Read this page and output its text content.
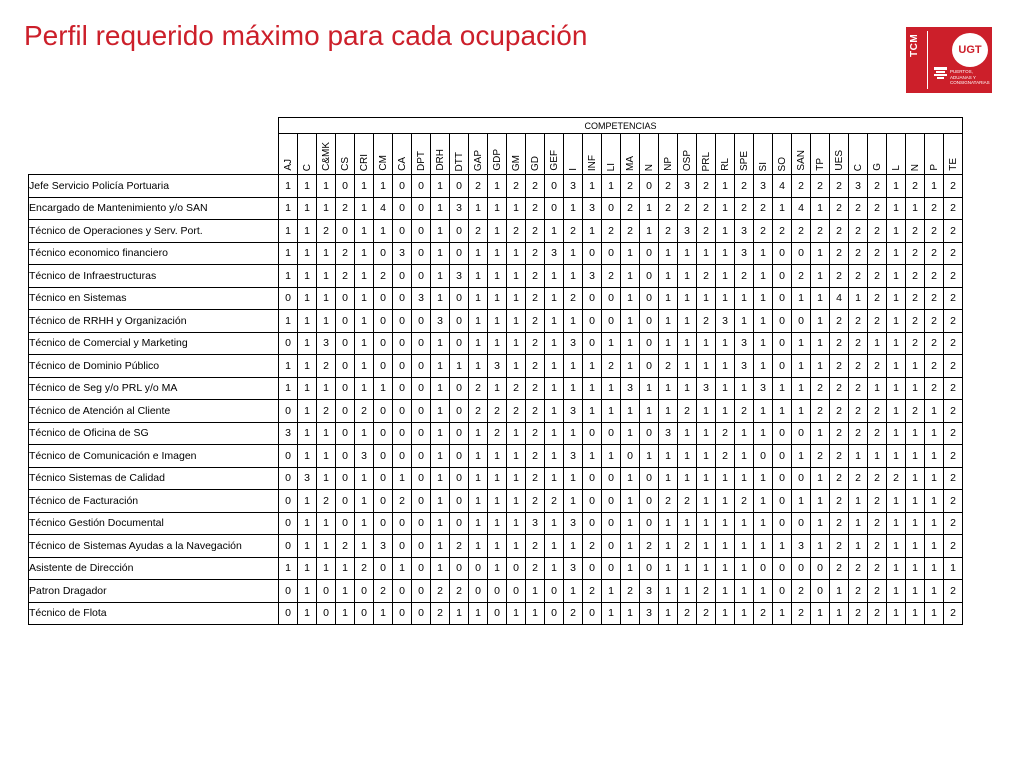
Perfil requerido máximo para cada ocupación	TCM	UGT
PUERTOS, ADUANAS Y CONSIGNATARIAS
	COMPETENCIAS																																			
	AJ	C	C&MK	CS	CRI	CM	CA	DPT	DRH	DTT	GAP	GDP	GM	GD	GEF	I	INF	LI	MA	N	NP	OSP	PRL	RL	SPE	SI	SO	SAN	TP	UES	C	G	L	N	P	TE
Jefe Servicio Policía Portuaria	1	1	1	0	1	1	0	0	1	0	2	1	2	2	0	3	1	1	2	0	2	3	2	1	2	3	4	2	2	2	3	2	1	2	1	2
Encargado de Mantenimiento y/o SAN	1	1	1	2	1	4	0	0	1	3	1	1	1	2	0	1	3	0	2	1	2	2	2	1	2	2	1	4	1	2	2	2	1	1	2	2
Técnico de Operaciones y Serv. Port.	1	1	2	0	1	1	0	0	1	0	2	1	2	2	1	2	1	2	2	1	2	3	2	1	3	2	2	2	2	2	2	2	1	2	2	2
Técnico economico financiero	1	1	1	2	1	0	3	0	1	0	1	1	1	2	3	1	0	0	1	0	1	1	1	1	3	1	0	0	1	2	2	2	1	2	2	2
Técnico de Infraestructuras	1	1	1	2	1	2	0	0	1	3	1	1	1	2	1	1	3	2	1	0	1	1	2	1	2	1	0	2	1	2	2	2	1	2	2	2
Técnico en Sistemas	0	1	1	0	1	0	0	3	1	0	1	1	1	2	1	2	0	0	1	0	1	1	1	1	1	1	0	1	1	4	1	2	1	2	2	2
Técnico de RRHH y Organización	1	1	1	0	1	0	0	0	3	0	1	1	1	2	1	1	0	0	1	0	1	1	2	3	1	1	0	0	1	2	2	2	1	2	2	2
Técnico de Comercial y Marketing	0	1	3	0	1	0	0	0	1	0	1	1	1	2	1	3	0	1	1	0	1	1	1	1	3	1	0	1	1	2	2	1	1	2	2	2
Técnico de Dominio Público	1	1	2	0	1	0	0	0	1	1	1	3	1	2	1	1	1	2	1	0	2	1	1	1	3	1	0	1	1	2	2	2	1	1	2	2
Técnico de Seg y/o PRL y/o MA	1	1	1	0	1	1	0	0	1	0	2	1	2	2	1	1	1	1	3	1	1	1	3	1	1	3	1	1	2	2	2	1	1	1	2	2
Técnico de Atención al Cliente	0	1	2	0	2	0	0	0	1	0	2	2	2	2	1	3	1	1	1	1	1	2	1	1	2	1	1	1	2	2	2	2	1	2	1	2
Técnico de Oficina de SG	3	1	1	0	1	0	0	0	1	0	1	2	1	2	1	1	0	0	1	0	3	1	1	2	1	1	0	0	1	2	2	2	1	1	1	2
Técnico de Comunicación e Imagen	0	1	1	0	3	0	0	0	1	0	1	1	1	2	1	3	1	1	0	1	1	1	1	2	1	0	0	1	2	2	1	1	1	1	1	2
Técnico Sistemas de Calidad	0	3	1	0	1	0	1	0	1	0	1	1	1	2	1	1	0	0	1	0	1	1	1	1	1	1	0	0	1	2	2	2	2	1	1	2
Técnico de Facturación	0	1	2	0	1	0	2	0	1	0	1	1	1	2	2	1	0	0	1	0	2	2	1	1	2	1	0	1	1	2	1	2	1	1	1	2
Técnico Gestión Documental	0	1	1	0	1	0	0	0	1	0	1	1	1	3	1	3	0	0	1	0	1	1	1	1	1	1	0	0	1	2	1	2	1	1	1	2
Técnico de Sistemas Ayudas a la Navegación	0	1	1	2	1	3	0	0	1	2	1	1	1	2	1	1	2	0	1	2	1	2	1	1	1	1	1	3	1	2	1	2	1	1	1	2
Asistente de Dirección	1	1	1	1	2	0	1	0	1	0	0	1	0	2	1	3	0	0	1	0	1	1	1	1	1	0	0	0	0	2	2	2	1	1	1	1
Patron Dragador	0	1	0	1	0	2	0	0	2	2	0	0	0	1	0	1	2	1	2	3	1	1	2	1	1	1	0	2	0	1	2	2	1	1	1	2
Técnico de Flota	0	1	0	1	0	1	0	0	2	1	1	0	1	1	0	2	0	1	1	3	1	2	2	1	1	2	1	2	1	1	2	2	1	1	1	2
